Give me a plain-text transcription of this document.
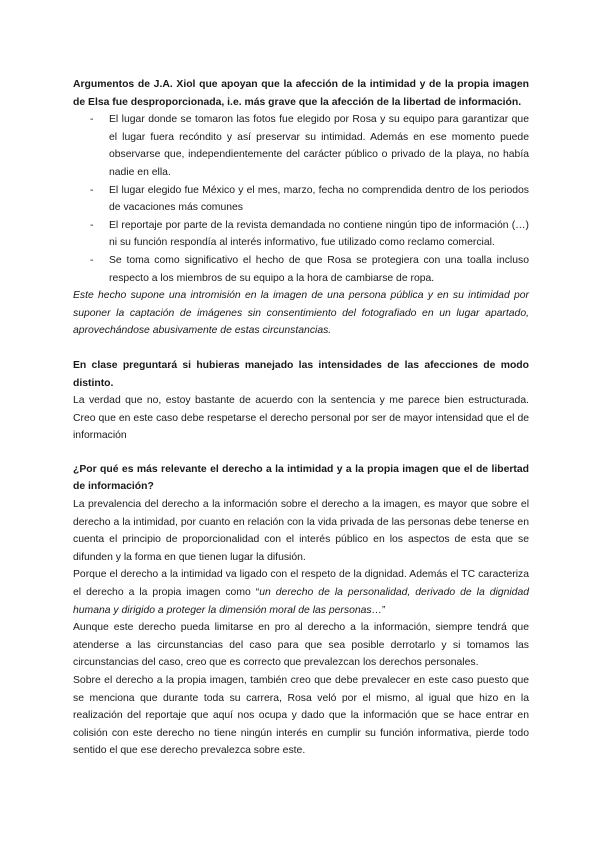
Argumentos de J.A. Xiol que apoyan que la afección de la intimidad y de la propia imagen de Elsa fue desproporcionada, i.e. más grave que la afección de la libertad de información.

- El lugar donde se tomaron las fotos fue elegido por Rosa y su equipo para garantizar que el lugar fuera recóndito y así preservar su intimidad. Además en ese momento puede observarse que, independientemente del carácter público o privado de la playa, no había nadie en ella.
- El lugar elegido fue México y el mes, marzo, fecha no comprendida dentro de los periodos de vacaciones más comunes
- El reportaje por parte de la revista demandada no contiene ningún tipo de información (…) ni su función respondía al interés informativo, fue utilizado como reclamo comercial.
- Se toma como significativo el hecho de que Rosa se protegiera con una toalla incluso respecto a los miembros de su equipo a la hora de cambiarse de ropa.

Este hecho supone una intromisión en la imagen de una persona pública y en su intimidad por suponer la captación de imágenes sin consentimiento del fotografiado en un lugar apartado, aprovechándose abusivamente de estas circunstancias.

En clase preguntará si hubieras manejado las intensidades de las afecciones de modo distinto.

La verdad que no, estoy bastante de acuerdo con la sentencia y me parece bien estructurada. Creo que en este caso debe respetarse el derecho personal por ser de mayor intensidad que el de información

¿Por qué es más relevante el derecho a la intimidad y a la propia imagen que el de libertad de información?

La prevalencia del derecho a la información sobre el derecho a la imagen, es mayor que sobre el derecho a la intimidad, por cuanto en relación con la vida privada de las personas debe tenerse en cuenta el principio de proporcionalidad con el interés público en los aspectos de esta que se difunden y la forma en que tienen lugar la difusión.

Porque el derecho a la intimidad va ligado con el respeto de la dignidad. Además el TC caracteriza el derecho a la propia imagen como “un derecho de la personalidad, derivado de la dignidad humana y dirigido a proteger la dimensión moral de las personas…”

Aunque este derecho pueda limitarse en pro al derecho a la información, siempre tendrá que atenderse a las circunstancias del caso para que sea posible derrotarlo y si tomamos las circunstancias del caso, creo que es correcto que prevalezcan los derechos personales.

Sobre el derecho a la propia imagen, también creo que debe prevalecer en este caso puesto que se menciona que durante toda su carrera, Rosa veló por el mismo, al igual que hizo en la realización del reportaje que aquí nos ocupa y dado que la información que se hace entrar en colisión con este derecho no tiene ningún interés en cumplir su función informativa, pierde todo sentido el que ese derecho prevalezca sobre este.
